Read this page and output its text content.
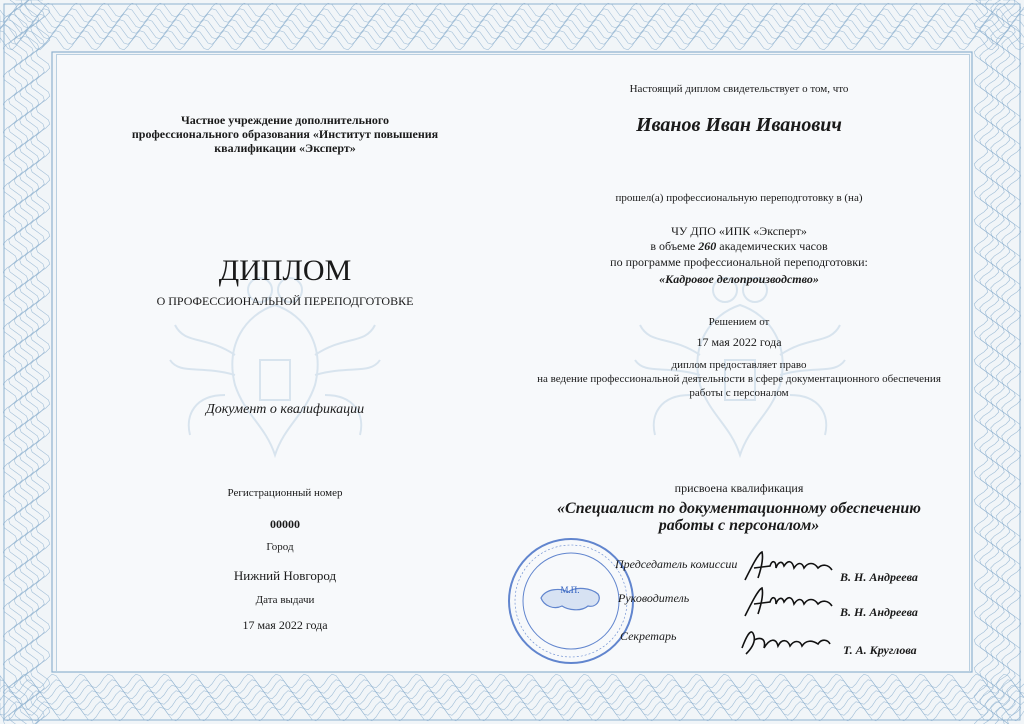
Частное учреждение дополнительного
профессионального образования «Институт повышения
квалификации «Эксперт»
ДИПЛОМ
О ПРОФЕССИОНАЛЬНОЙ ПЕРЕПОДГОТОВКЕ
Документ о квалификации
Регистрационный номер
00000
Город
Нижний Новгород
Дата выдачи
17 мая 2022 года
Настоящий диплом свидетельствует о том, что
Иванов Иван Иванович
прошел(а) профессиональную переподготовку в (на)
ЧУ ДПО «ИПК «Эксперт»
в объеме 260 академических часов
по программе профессиональной переподготовки:
«Кадровое делопроизводство»
Решением от
17 мая 2022 года
диплом предоставляет право
на ведение профессиональной деятельности в сфере документационного обеспечения
работы с персоналом
присвоена квалификация
«Специалист по документационному обеспечению
работы с персоналом»
М.П.
Председатель комиссии
Руководитель
Секретарь
В. Н. Андреева
В. Н. Андреева
Т. А. Круглова
